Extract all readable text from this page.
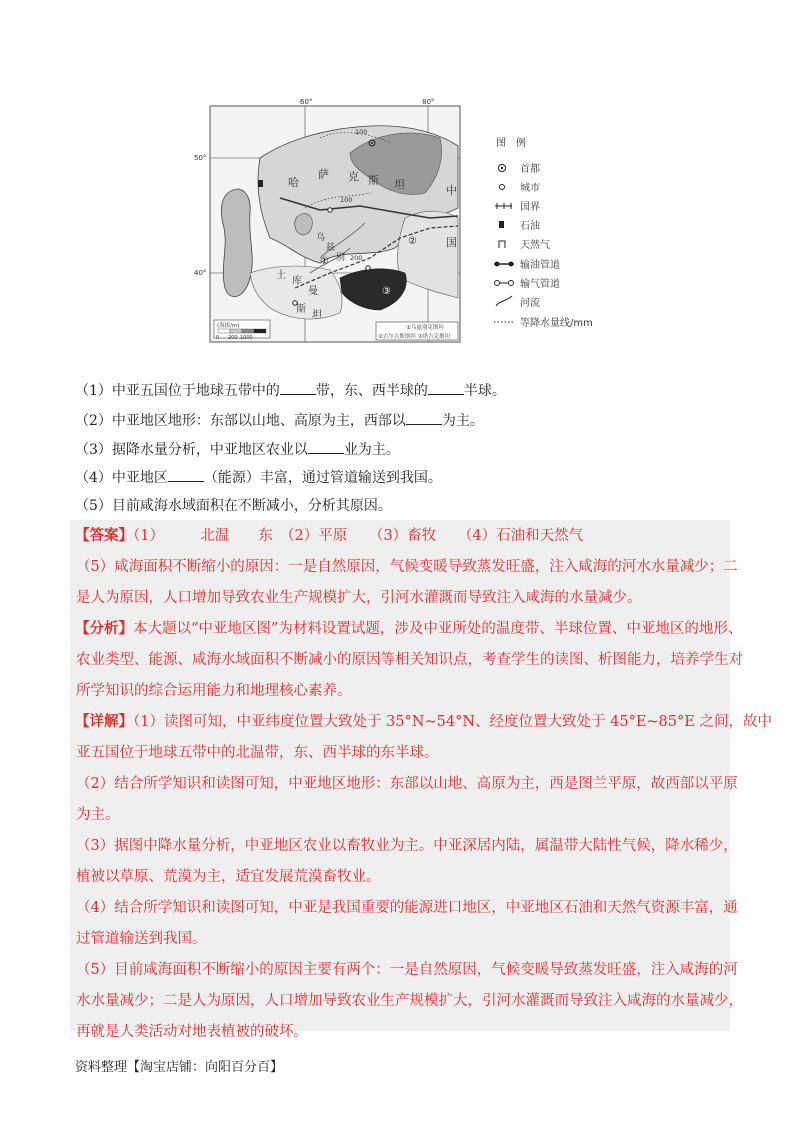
60°	80°
50°
40°
哈
萨 克 斯 坦	中
国
乌
兹
别
土
库
曼
斯
坦
100
100
200
②
①
③
(海拔/m)
0 200 1000
①乌兹别克斯坦
②吉尔吉斯斯坦 ③塔吉克斯坦
图　例
首都
城市
国界
石油
天然气
输油管道
输气管道
河流
等降水量线/mm
（1）中亚五国位于地球五带中的	带，东、西半球的	半球。
（2）中亚地区地形：东部以山地、高原为主，西部以	为主。
（3）据降水量分析，中亚地区农业以	业为主。
（4）中亚地区	（能源）丰富，通过管道输送到我国。
（5）目前咸海水域面积在不断减小，分析其原因。
【答案】（1）　　　北温　　东　（2）平原　　（3）畜牧　　（4）石油和天然气
（5）咸海面积不断缩小的原因：一是自然原因，气候变暖导致蒸发旺盛，注入咸海的河水水量减少；二
是人为原因，人口增加导致农业生产规模扩大，引河水灌溉而导致注入咸海的水量减少。
【分析】本大题以“中亚地区图”为材料设置试题，涉及中亚所处的温度带、半球位置、中亚地区的地形、
农业类型、能源、咸海水域面积不断减小的原因等相关知识点，考查学生的读图、析图能力，培养学生对
所学知识的综合运用能力和地理核心素养。
【详解】（1）读图可知，中亚纬度位置大致处于 35°N~54°N、经度位置大致处于 45°E~85°E 之间，故中
亚五国位于地球五带中的北温带，东、西半球的东半球。
（2）结合所学知识和读图可知，中亚地区地形：东部以山地、高原为主，西是图兰平原，故西部以平原
为主。
（3）据图中降水量分析，中亚地区农业以畜牧业为主。中亚深居内陆，属温带大陆性气候，降水稀少，
植被以草原、荒漠为主，适宜发展荒漠畜牧业。
（4）结合所学知识和读图可知，中亚是我国重要的能源进口地区，中亚地区石油和天然气资源丰富，通
过管道输送到我国。
（5）目前咸海面积不断缩小的原因主要有两个：一是自然原因，气候变暖导致蒸发旺盛，注入咸海的河
水水量减少；二是人为原因，人口增加导致农业生产规模扩大，引河水灌溉而导致注入咸海的水量减少，
再就是人类活动对地表植被的破坏。
资料整理【淘宝店铺：向阳百分百】
